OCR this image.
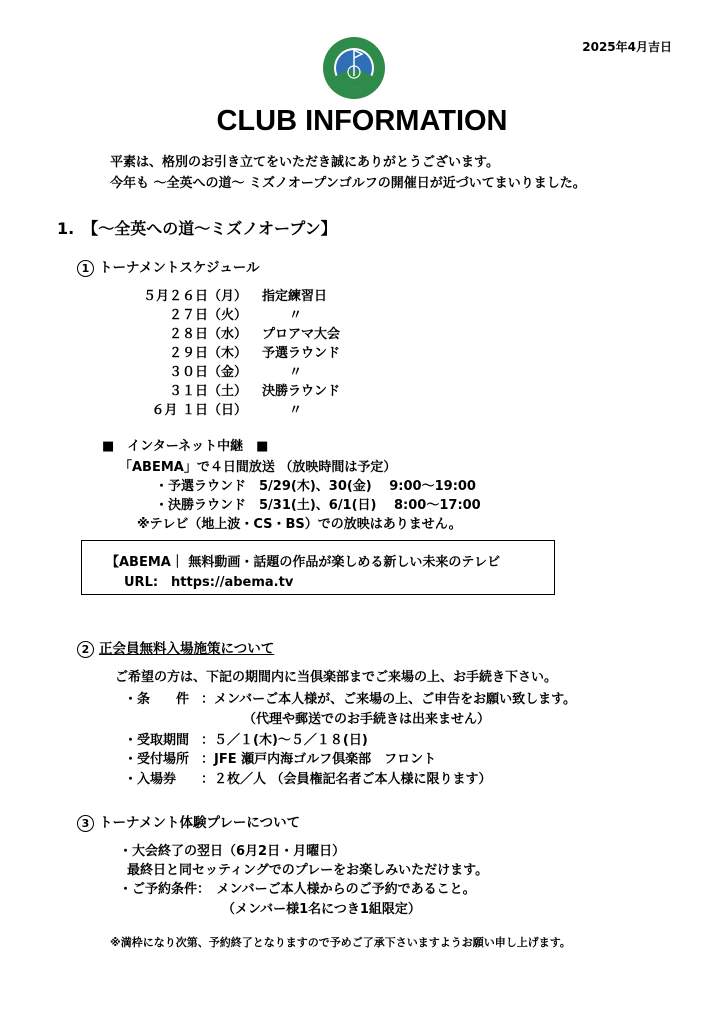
2025年4月吉日
CLUB INFORMATION
平素は、格別のお引き立てをいただき誠にありがとうございます。
今年も ～全英への道～ ミズノオープンゴルフの開催日が近づいてまいりました。
1.　【～全英への道～ミズノオープン】
1 トーナメントスケジュール
５月２６日（月） 指定練習日
２７日（火）	〃
２８日（水） プロアマ大会
２９日（木） 予選ラウンド
３０日（金）	〃
３１日（土） 決勝ラウンド
６月 １日（日）	〃
■　インターネット中継　■
「ABEMA」で４日間放送 （放映時間は予定）
・予選ラウンド　5/29(木)、30(金)　 9:00～19:00
・決勝ラウンド　5/31(土)、6/1(日)　 8:00～17:00
※テレビ（地上波・CS・BS）での放映はありません。
【ABEMA｜ 無料動画・話題の作品が楽しめる新しい未来のテレビ
URL:　https://abema.tv
2 正会員無料入場施策について
ご希望の方は、下記の期間内に当倶楽部までご来場の上、お手続き下さい。
・条　　件 ：メンバーご本人様が、ご来場の上、ご申告をお願い致します。
（代理や郵送でのお手続きは出来ません）
・受取期間 ：５／１(木)～５／１８(日)
・受付場所 ：JFE 瀬戸内海ゴルフ倶楽部　フロント
・入場券 ：２枚／人 （会員権記名者ご本人様に限ります）
3 トーナメント体験プレーについて
・大会終了の翌日（6月2日・月曜日）
最終日と同セッティングでのプレーをお楽しみいただけます。
・ご予約条件：　メンバーご本人様からのご予約であること。
（メンバー様1名につき1組限定）
※満枠になり次第、予約終了となりますので予めご了承下さいますようお願い申し上げます。
